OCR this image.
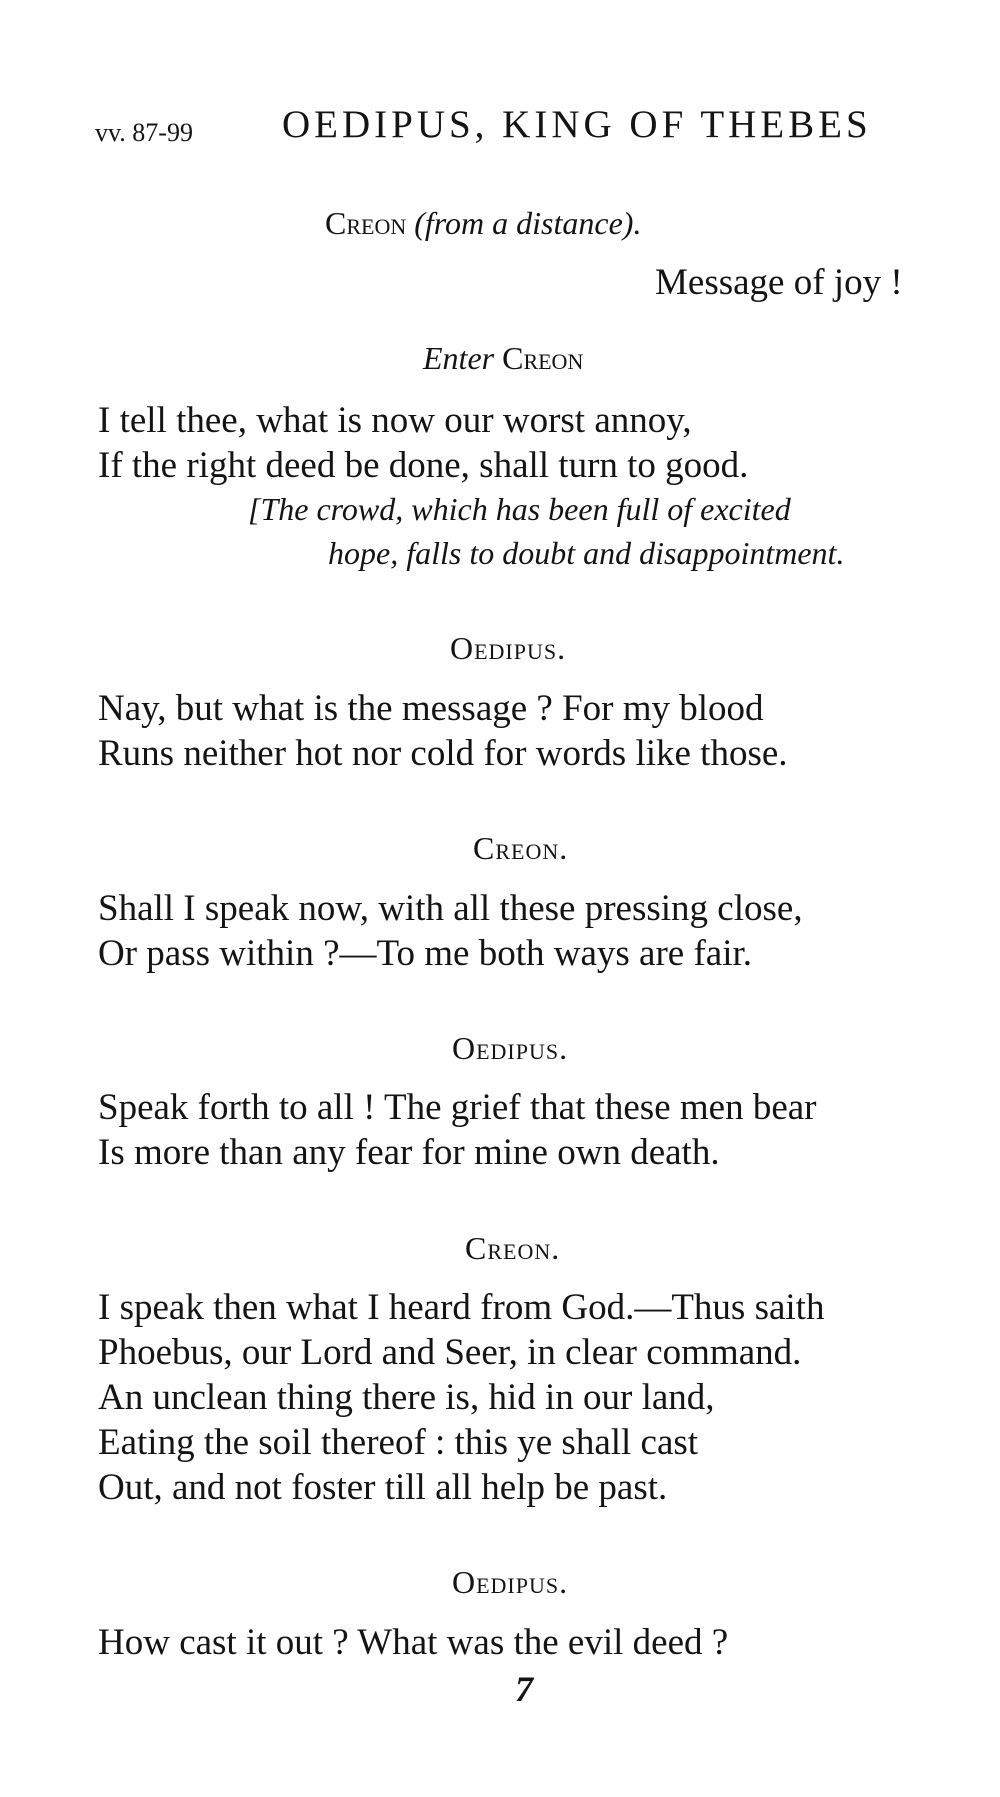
vv. 87-99 OEDIPUS, KING OF THEBES
Creon (from a distance).
Message of joy !
Enter Creon
I tell thee, what is now our worst annoy,
If the right deed be done, shall turn to good.
[The crowd, which has been full of excited
hope, falls to doubt and disappointment.
Oedipus.
Nay, but what is the message ? For my blood
Runs neither hot nor cold for words like those.
Creon.
Shall I speak now, with all these pressing close,
Or pass within ?—To me both ways are fair.
Oedipus.
Speak forth to all ! The grief that these men bear
Is more than any fear for mine own death.
Creon.
I speak then what I heard from God.—Thus saith
Phoebus, our Lord and Seer, in clear command.
An unclean thing there is, hid in our land,
Eating the soil thereof : this ye shall cast
Out, and not foster till all help be past.
Oedipus.
How cast it out ? What was the evil deed ?
7
